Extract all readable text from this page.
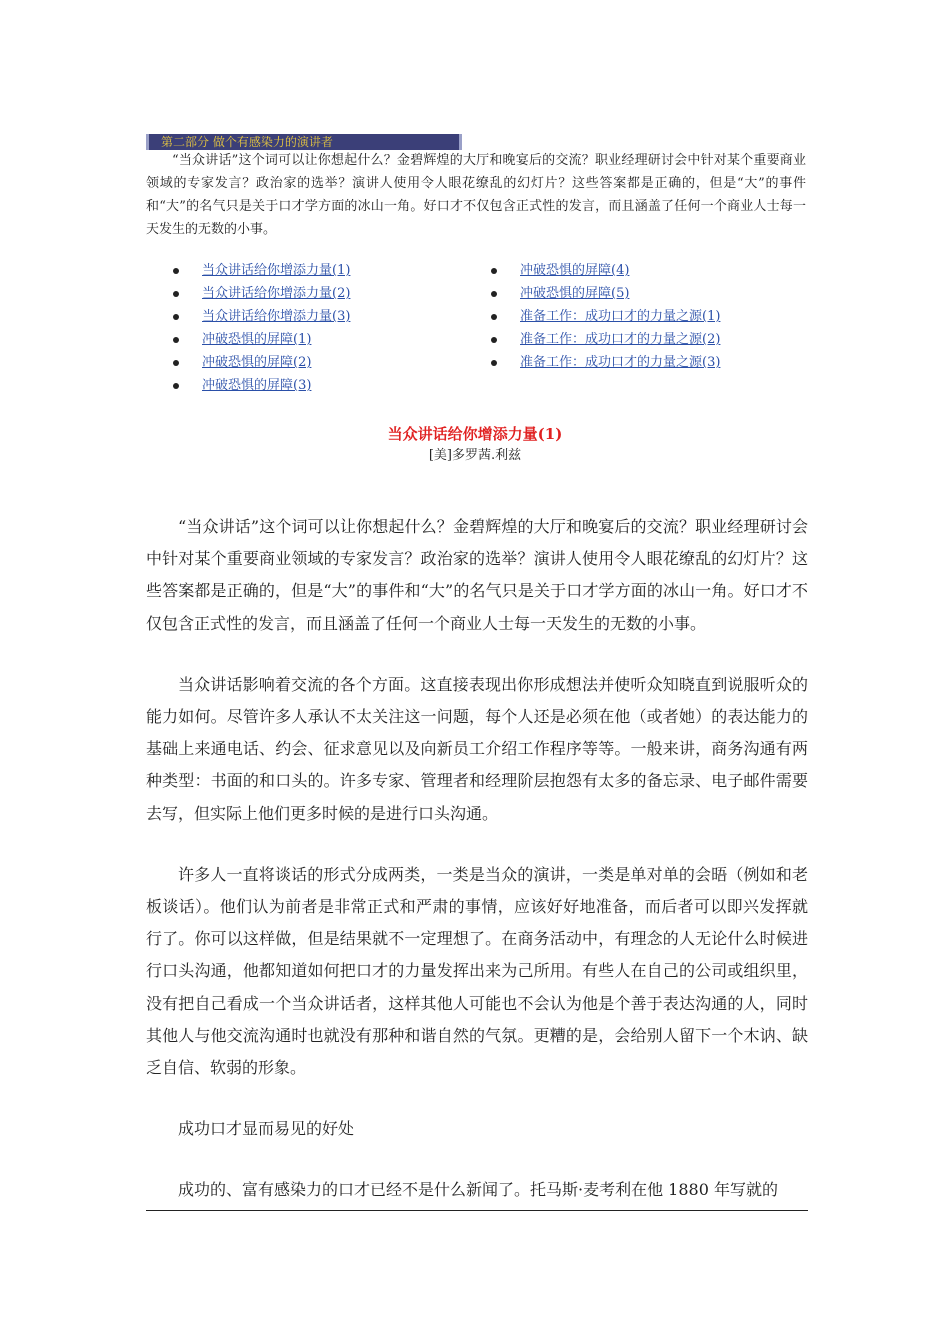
第二部分 做个有感染力的演讲者

“当众讲话”这个词可以让你想起什么？金碧辉煌的大厅和晚宴后的交流？职业经理研讨会中针对某个重要商业领域的专家发言？政治家的选举？演讲人使用令人眼花缭乱的幻灯片？这些答案都是正确的，但是“大”的事件和“大”的名气只是关于口才学方面的冰山一角。好口才不仅包含正式性的发言，而且涵盖了任何一个商业人士每一天发生的无数的小事。

当众讲话给你增添力量(1)
当众讲话给你增添力量(2)
当众讲话给你增添力量(3)
冲破恐惧的屏障(1)
冲破恐惧的屏障(2)
冲破恐惧的屏障(3)
冲破恐惧的屏障(4)
冲破恐惧的屏障(5)
准备工作：成功口才的力量之源(1)
准备工作：成功口才的力量之源(2)
准备工作：成功口才的力量之源(3)
当众讲话给你增添力量(1)
[美]多罗茜.利兹

“当众讲话”这个词可以让你想起什么？金碧辉煌的大厅和晚宴后的交流？职业经理研讨会中针对某个重要商业领域的专家发言？政治家的选举？演讲人使用令人眼花缭乱的幻灯片？这些答案都是正确的，但是“大”的事件和“大”的名气只是关于口才学方面的冰山一角。好口才不仅包含正式性的发言，而且涵盖了任何一个商业人士每一天发生的无数的小事。

当众讲话影响着交流的各个方面。这直接表现出你形成想法并使听众知晓直到说服听众的能力如何。尽管许多人承认不太关注这一问题，每个人还是必须在他（或者她）的表达能力的基础上来通电话、约会、征求意见以及向新员工介绍工作程序等等。一般来讲，商务沟通有两种类型：书面的和口头的。许多专家、管理者和经理阶层抱怨有太多的备忘录、电子邮件需要去写，但实际上他们更多时候的是进行口头沟通。

许多人一直将谈话的形式分成两类，一类是当众的演讲，一类是单对单的会晤（例如和老板谈话）。他们认为前者是非常正式和严肃的事情，应该好好地准备，而后者可以即兴发挥就行了。你可以这样做，但是结果就不一定理想了。在商务活动中，有理念的人无论什么时候进行口头沟通，他都知道如何把口才的力量发挥出来为己所用。有些人在自己的公司或组织里，没有把自己看成一个当众讲话者，这样其他人可能也不会认为他是个善于表达沟通的人，同时其他人与他交流沟通时也就没有那种和谐自然的气氛。更糟的是，会给别人留下一个木讷、缺乏自信、软弱的形象。

成功口才显而易见的好处

成功的、富有感染力的口才已经不是什么新闻了。托马斯·麦考利在他 1880 年写就的
